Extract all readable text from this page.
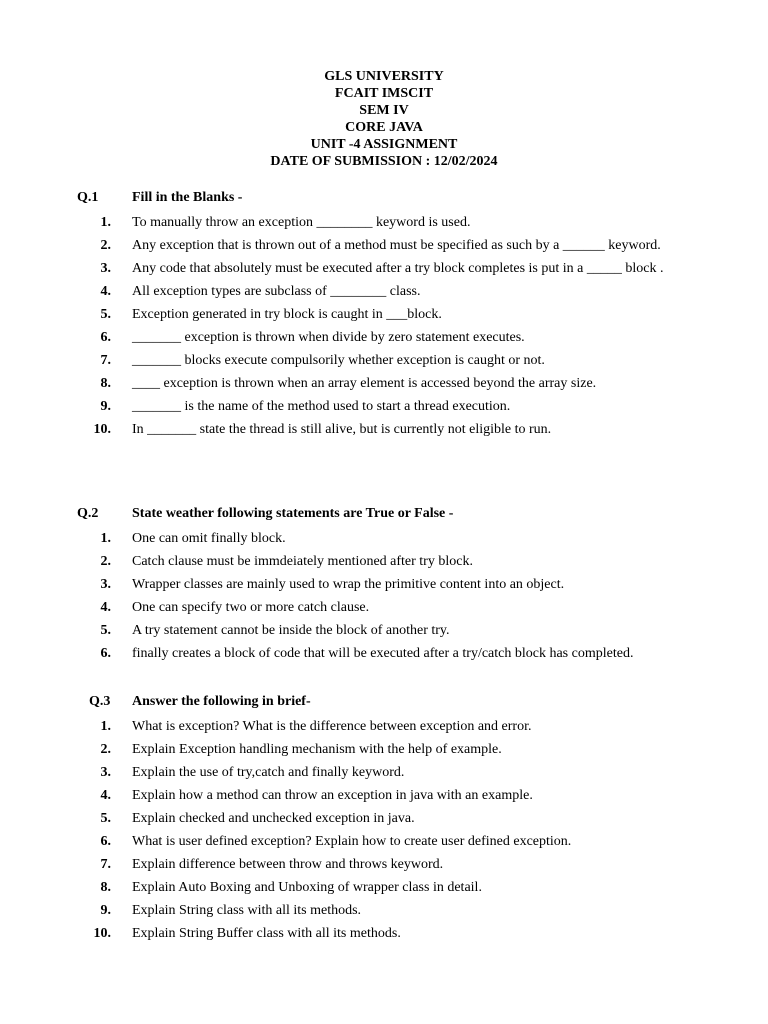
GLS UNIVERSITY
FCAIT IMSCIT
SEM IV
CORE JAVA
UNIT -4 ASSIGNMENT
DATE OF SUBMISSION : 12/02/2024
Q.1 Fill in the Blanks -
1. To manually throw an exception ________ keyword is used.
2. Any exception that is thrown out of a method must be specified as such by a ______ keyword.
3. Any code that absolutely must be executed after a try block completes is put in a _____ block .
4. All exception types are subclass of ________ class.
5. Exception generated in try block is caught in ___block.
6. _______ exception is thrown when divide by zero statement executes.
7. _______ blocks execute compulsorily whether exception is caught or not.
8. ____ exception is thrown when an array element is accessed beyond the array size.
9. _______ is the name of the method used to start a thread execution.
10. In _______ state the thread is still alive, but is currently not eligible to run.
Q.2 State weather following statements are True or False -
1. One can omit finally block.
2. Catch clause must be immdeiately mentioned after try block.
3. Wrapper classes are mainly used to wrap the primitive content into an object.
4. One can specify two or more catch clause.
5. A try statement cannot be inside the block of another try.
6. finally creates a block of code that will be executed after a try/catch block has completed.
Q.3 Answer the following in brief-
1. What is exception? What is the difference between exception and error.
2. Explain Exception handling mechanism with the help of example.
3. Explain the use of try,catch and finally keyword.
4. Explain how a method can throw an exception in java with an example.
5. Explain checked and unchecked exception in java.
6. What is user defined exception? Explain how to create user defined exception.
7. Explain difference between throw and throws keyword.
8. Explain Auto Boxing and Unboxing of wrapper class in detail.
9. Explain String class with all its methods.
10. Explain String Buffer class with all its methods.
